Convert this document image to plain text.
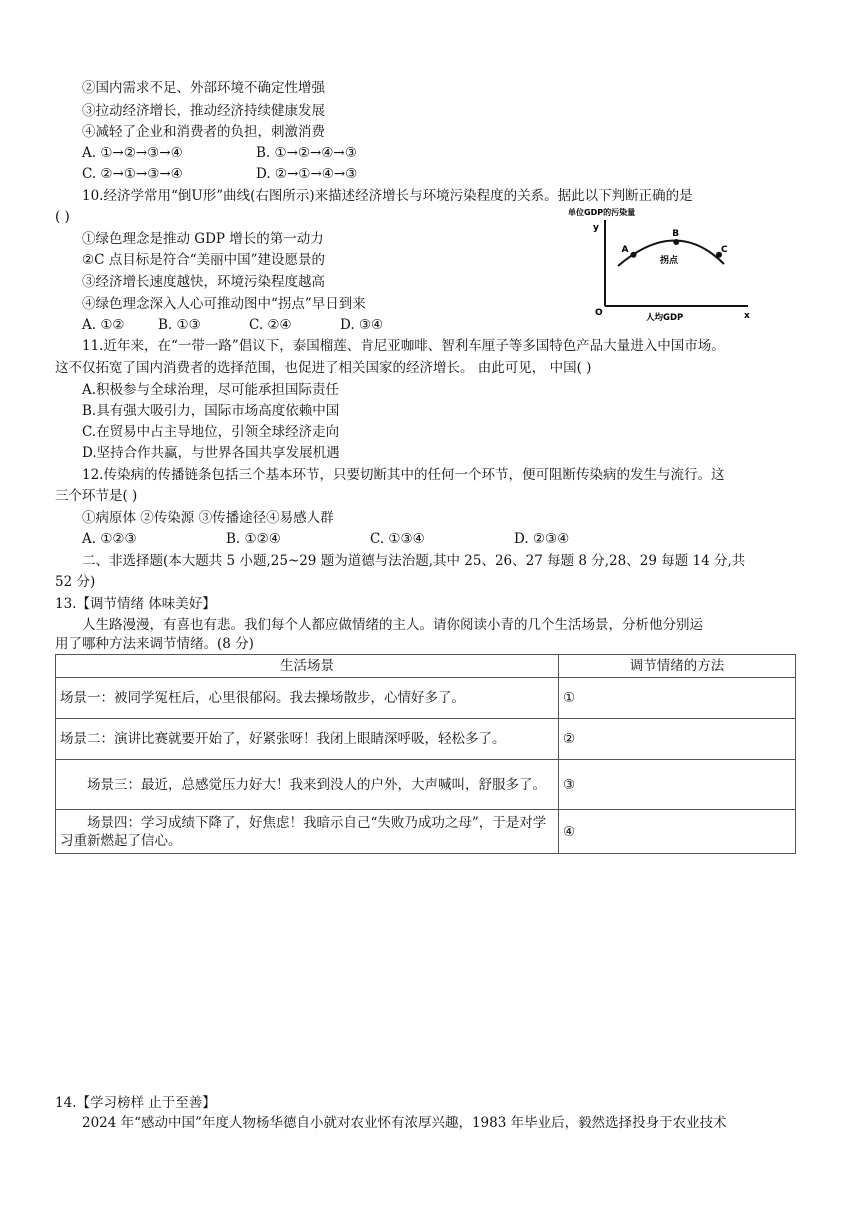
②国内需求不足、外部环境不确定性增强
③拉动经济增长，推动经济持续健康发展
④减轻了企业和消费者的负担，刺激消费
A. ①→②→③→④	B. ①→②→④→③
C. ②→①→③→④	D. ②→①→④→③
10.经济学常用“倒U形”曲线(右图所示)来描述经济增长与环境污染程度的关系。据此以下判断正确的是
( )
①绿色理念是推动 GDP 增长的第一动力
②C 点目标是符合“美丽中国”建设愿景的
③经济增长速度越快，环境污染程度越高
④绿色理念深入人心可推动图中“拐点”早日到来
A. ①② B. ①③	C. ②④	D. ③④
单位GDP的污染量
y
O	x
人均GDP
A
B
C
拐点
11.近年来，在“一带一路”倡议下，泰国榴莲、肯尼亚咖啡、智利车厘子等多国特色产品大量进入中国市场。
这不仅拓宽了国内消费者的选择范围，也促进了相关国家的经济增长。 由此可见， 中国( )
A.积极参与全球治理，尽可能承担国际责任
B.具有强大吸引力，国际市场高度依赖中国
C.在贸易中占主导地位，引领全球经济走向
D.坚持合作共赢，与世界各国共享发展机遇
12.传染病的传播链条包括三个基本环节，只要切断其中的任何一个环节，便可阻断传染病的发生与流行。这
三个环节是( )
①病原体 ②传染源 ③传播途径④易感人群
A. ①②③	B. ①②④	C. ①③④	D. ②③④
二、非选择题(本大题共 5 小题,25~29 题为道德与法治题,其中 25、26、27 每题 8 分,28、29 每题 14 分,共
52 分)
13.【调节情绪 体味美好】
人生路漫漫，有喜也有悲。我们每个人都应做情绪的主人。请你阅读小青的几个生活场景，分析他分别运
用了哪种方法来调节情绪。(8 分)
生活场景	调节情绪的方法
场景一：被同学冤枉后，心里很郁闷。我去操场散步，心情好多了。	①
场景二：演讲比赛就要开始了，好紧张呀！我闭上眼睛深呼吸，轻松多了。	②
场景三：最近，总感觉压力好大！我来到没人的户外，大声喊叫，舒服多了。	③
场景四：学习成绩下降了，好焦虑！我暗示自己“失败乃成功之母”，于是对学习重新燃起了信心。	④
14.【学习榜样 止于至善】
2024 年“感动中国”年度人物杨华德自小就对农业怀有浓厚兴趣，1983 年毕业后，毅然选择投身于农业技术
